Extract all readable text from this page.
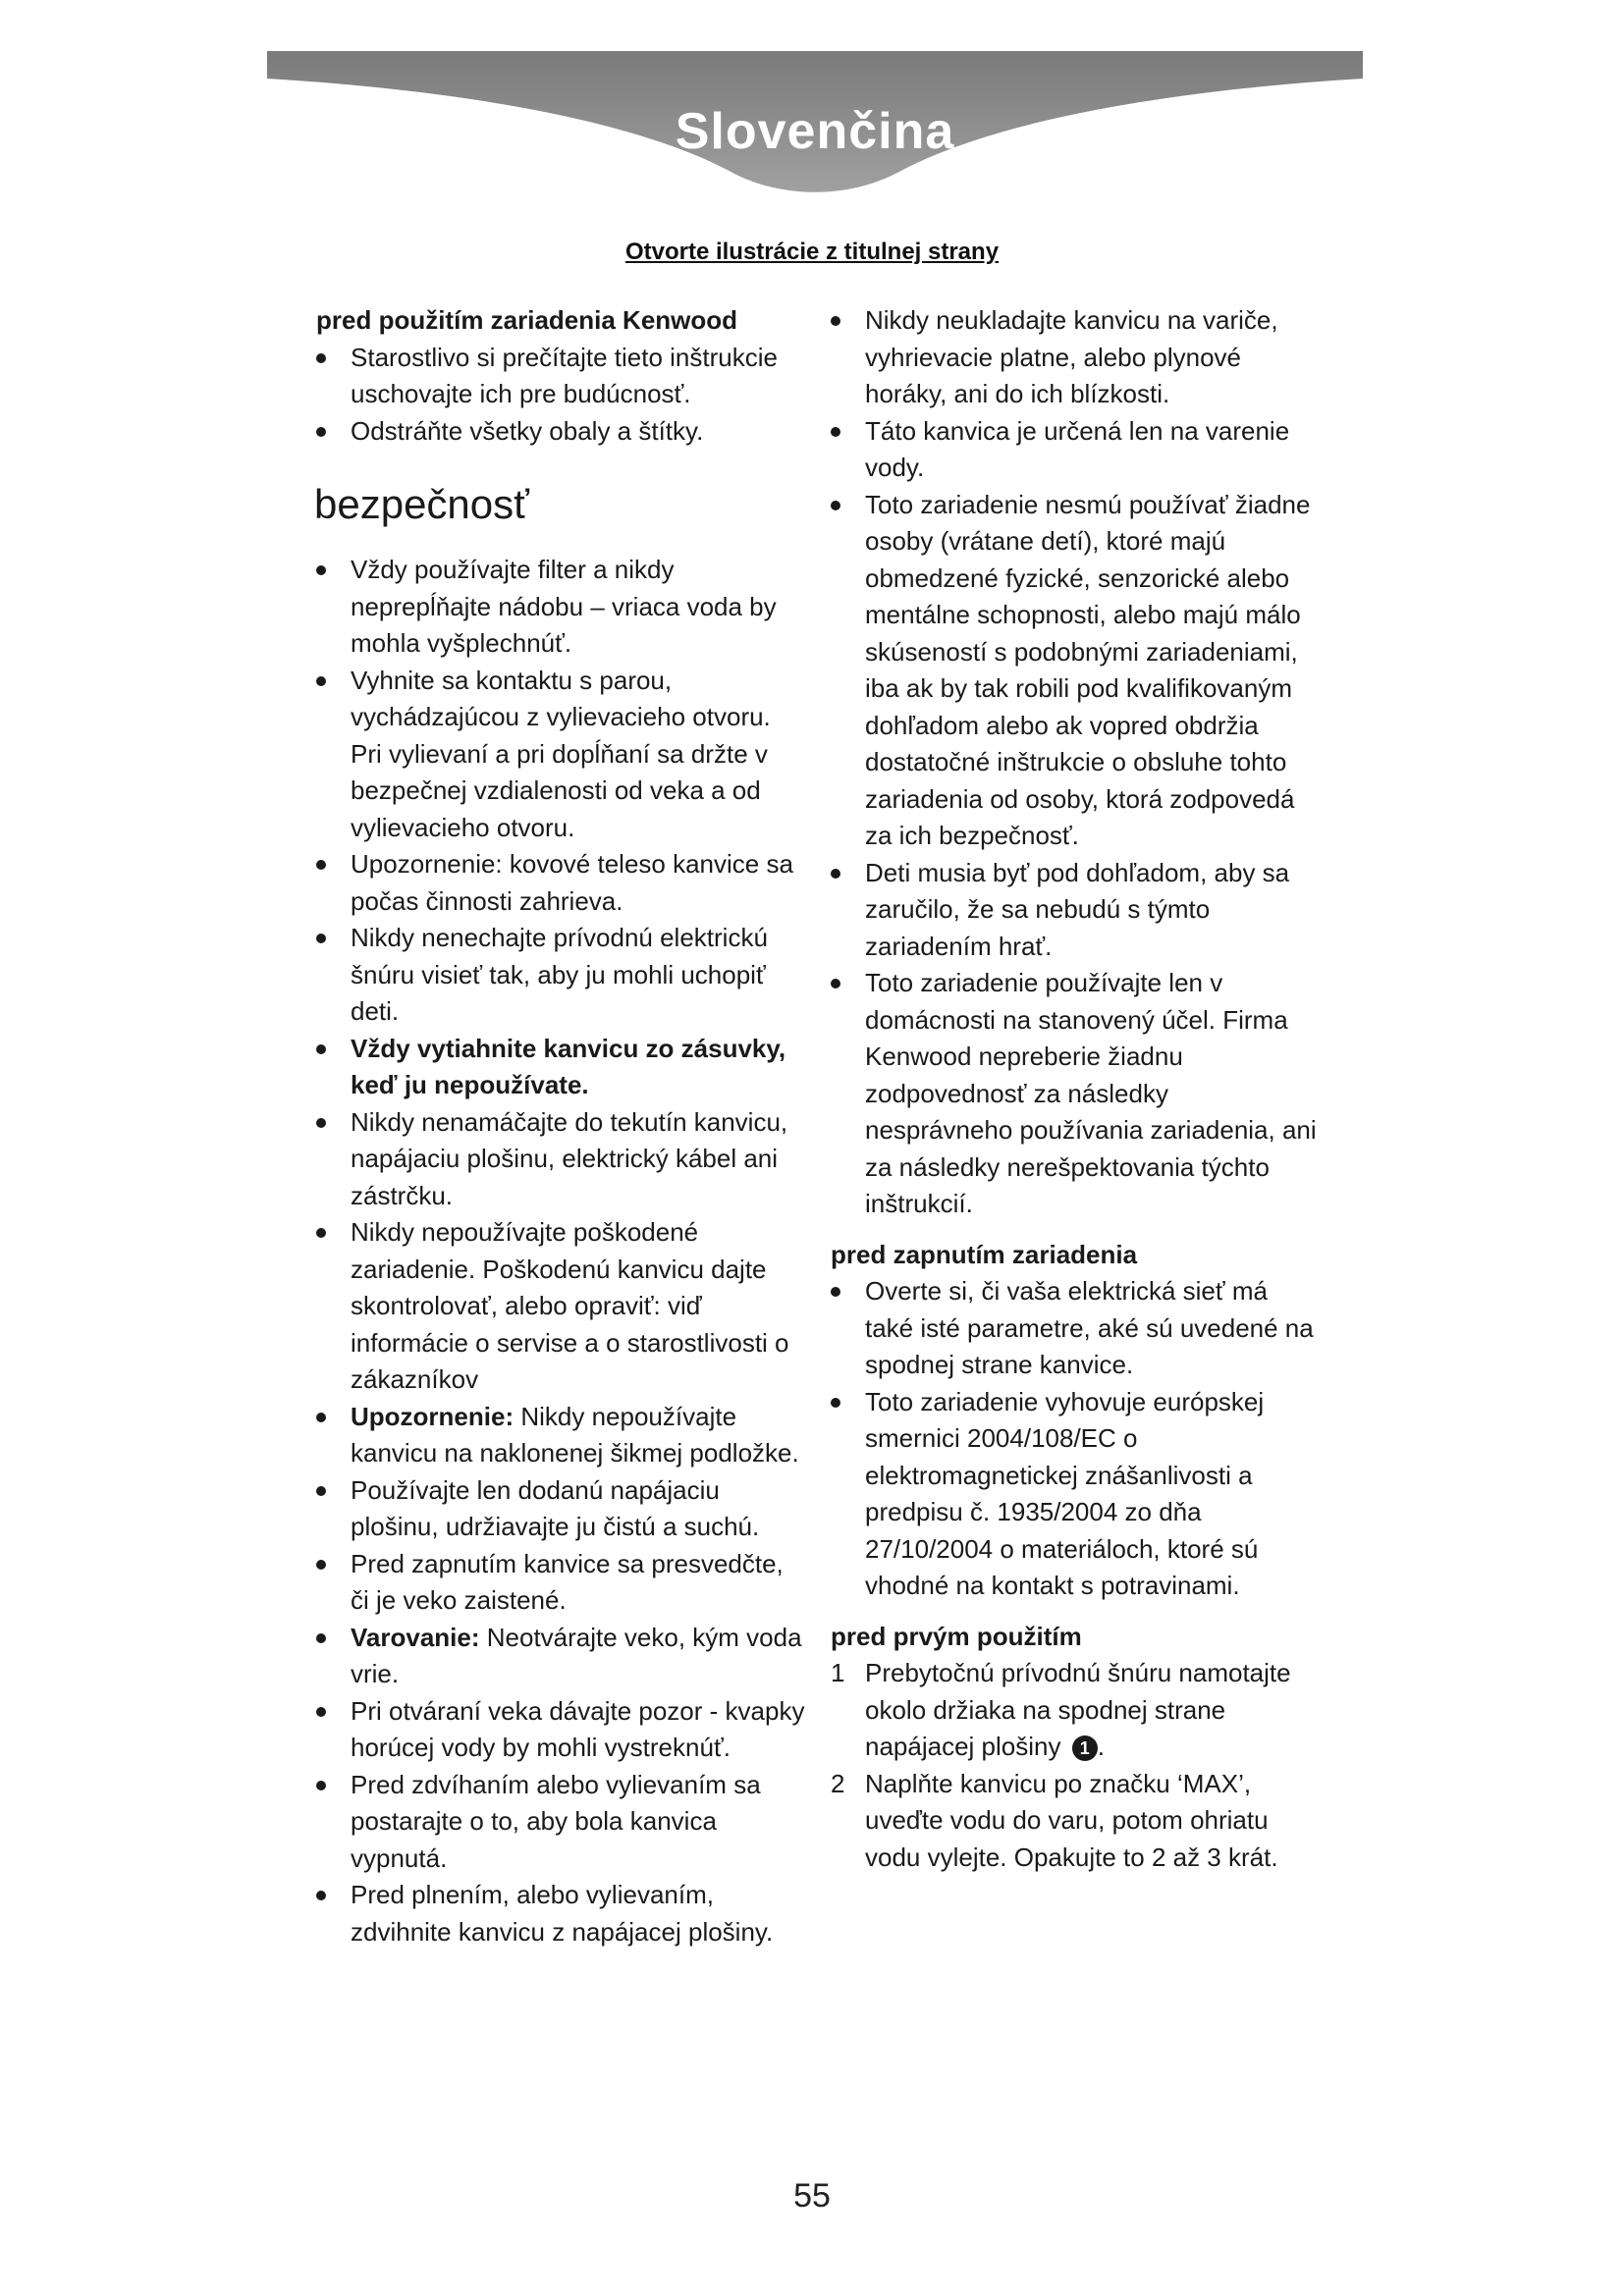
Slovenčina
Otvorte ilustrácie z titulnej strany

pred použitím zariadenia Kenwood

Starostlivo si prečítajte tieto inštrukcie uschovajte ich pre budúcnosť.
Odstráňte všetky obaly a štítky.
bezpečnosť
Vždy používajte filter a nikdy neprepĺňajte nádobu – vriaca voda by mohla vyšplechnúť.
Vyhnite sa kontaktu s parou, vychádzajúcou z vylievacieho otvoru. Pri vylievaní a pri dopĺňaní sa držte v bezpečnej vzdialenosti od veka a od vylievacieho otvoru.
Upozornenie: kovové teleso kanvice sa počas činnosti zahrieva.
Nikdy nenechajte prívodnú elektrickú šnúru visieť tak, aby ju mohli uchopiť deti.
Vždy vytiahnite kanvicu zo zásuvky, keď ju nepoužívate.
Nikdy nenamáčajte do tekutín kanvicu, napájaciu plošinu, elektrický kábel ani zástrčku.
Nikdy nepoužívajte poškodené zariadenie. Poškodenú kanvicu dajte skontrolovať, alebo opraviť: viď informácie o servise a o starostlivosti o zákazníkov
Upozornenie: Nikdy nepoužívajte kanvicu na naklonenej šikmej podložke.
Používajte len dodanú napájaciu plošinu, udržiavajte ju čistú a suchú.
Pred zapnutím kanvice sa presvedčte, či je veko zaistené.
Varovanie: Neotvárajte veko, kým voda vrie.
Pri otváraní veka dávajte pozor - kvapky horúcej vody by mohli vystreknúť.
Pred zdvíhaním alebo vylievaním sa postarajte o to, aby bola kanvica vypnutá.
Pred plnením, alebo vylievaním, zdvihnite kanvicu z napájacej plošiny.
Nikdy neukladajte kanvicu na variče, vyhrievacie platne, alebo plynové horáky, ani do ich blízkosti.
Táto kanvica je určená len na varenie vody.
Toto zariadenie nesmú používať žiadne osoby (vrátane detí), ktoré majú obmedzené fyzické, senzorické alebo mentálne schopnosti, alebo majú málo skúseností s podobnými zariadeniami, iba ak by tak robili pod kvalifikovaným dohľadom alebo ak vopred obdržia dostatočné inštrukcie o obsluhe tohto zariadenia od osoby, ktorá zodpovedá za ich bezpečnosť.
Deti musia byť pod dohľadom, aby sa zaručilo, že sa nebudú s týmto zariadením hrať.
Toto zariadenie používajte len v domácnosti na stanovený účel. Firma Kenwood nepreberie žiadnu zodpovednosť za následky nesprávneho používania zariadenia, ani za následky nerešpektovania týchto inštrukcií.

pred zapnutím zariadenia

Overte si, či vaša elektrická sieť má také isté parametre, aké sú uvedené na spodnej strane kanvice.
Toto zariadenie vyhovuje európskej smernici 2004/108/EC o elektromagnetickej znášanlivosti a predpisu č. 1935/2004 zo dňa 27/10/2004 o materiáloch, ktoré sú vhodné na kontakt s potravinami.

pred prvým použitím

1 Prebytočnú prívodnú šnúru namotajte okolo držiaka na spodnej strane napájacej plošiny 1 .
2 Naplňte kanvicu po značku ‘MAX’, uveďte vodu do varu, potom ohriatu vodu vylejte. Opakujte to 2 až 3 krát.
55
